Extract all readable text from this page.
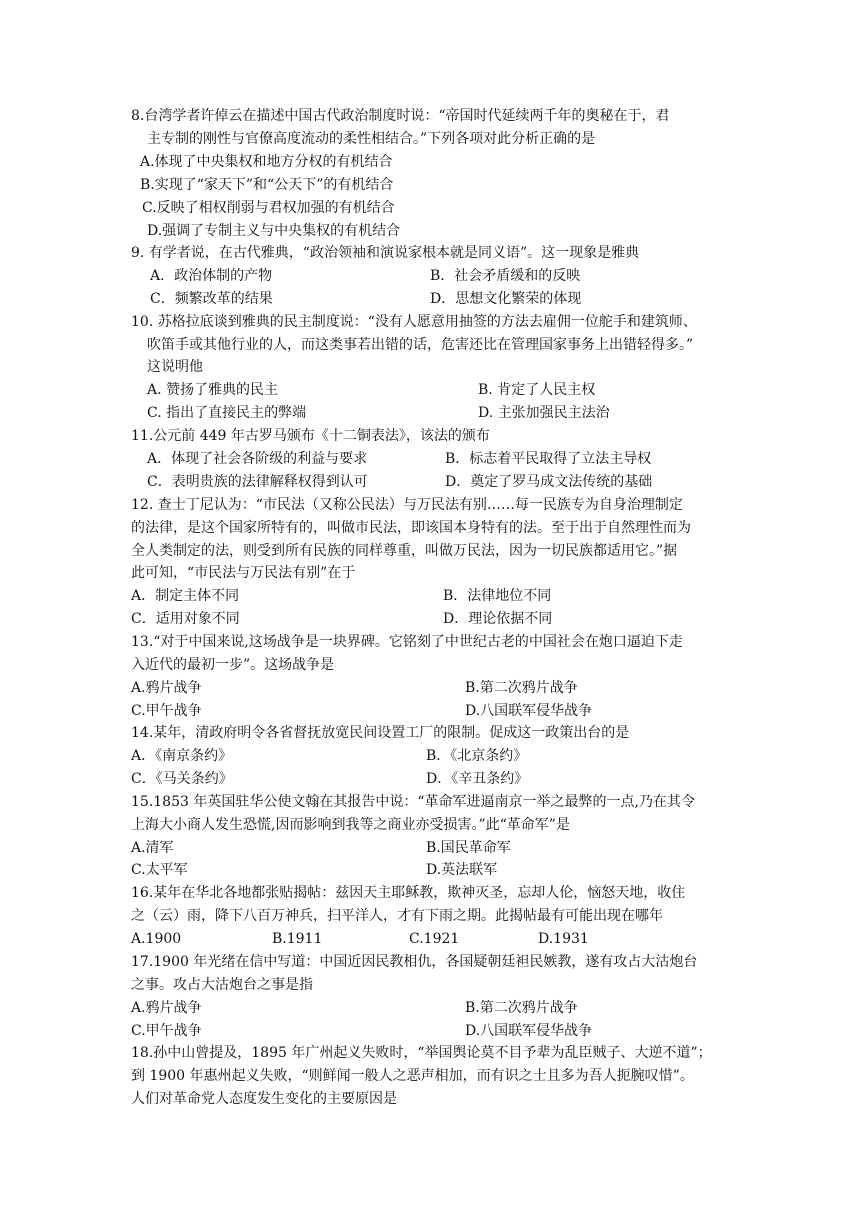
8.台湾学者许倬云在描述中国古代政治制度时说：“帝国时代延续两千年的奥秘在于，君
主专制的刚性与官僚高度流动的柔性相结合。”下列各项对此分析正确的是
A.体现了中央集权和地方分权的有机结合
B.实现了“家天下”和“公天下”的有机结合
C.反映了相权削弱与君权加强的有机结合
D.强调了专制主义与中央集权的有机结合
9. 有学者说，在古代雅典，“政治领袖和演说家根本就是同义语”。这一现象是雅典
A．政治体制的产物	B．社会矛盾缓和的反映
C．频繁改革的结果	D．思想文化繁荣的体现
10. 苏格拉底谈到雅典的民主制度说：“没有人愿意用抽签的方法去雇佣一位舵手和建筑师、
吹笛手或其他行业的人，而这类事若出错的话，危害还比在管理国家事务上出错轻得多。”
这说明他
A. 赞扬了雅典的民主	B. 肯定了人民主权
C. 指出了直接民主的弊端	D. 主张加强民主法治
11.公元前 449 年古罗马颁布《十二铜表法》，该法的颁布
A．体现了社会各阶级的利益与要求	B．标志着平民取得了立法主导权
C．表明贵族的法律解释权得到认可	D．奠定了罗马成文法传统的基础
12. 查士丁尼认为：“市民法（又称公民法）与万民法有别……每一民族专为自身治理制定
的法律，是这个国家所特有的，叫做市民法，即该国本身特有的法。至于出于自然理性而为
全人类制定的法，则受到所有民族的同样尊重，叫做万民法，因为一切民族都适用它。”据
此可知，“市民法与万民法有别”在于
A．制定主体不同	B．法律地位不同
C．适用对象不同	D．理论依据不同
13.“对于中国来说,这场战争是一块界碑。它铭刻了中世纪古老的中国社会在炮口逼迫下走
入近代的最初一步”。这场战争是
A.鸦片战争	B.第二次鸦片战争
C.甲午战争	D.八国联军侵华战争
14.某年，清政府明令各省督抚放宽民间设置工厂的限制。促成这一政策出台的是
A．《南京条约》	B．《北京条约》
C．《马关条约》	D．《辛丑条约》
15.1853 年英国驻华公使文翰在其报告中说：“革命军进逼南京一举之最弊的一点,乃在其令
上海大小商人发生恐慌,因而影响到我等之商业亦受损害。”此“革命军”是
A.清军	B.国民革命军
C.太平军	D.英法联军
16.某年在华北各地都张贴揭帖：兹因天主耶稣教，欺神灭圣，忘却人伦，恼怒天地，收住
之（云）雨，降下八百万神兵，扫平洋人，才有下雨之期。此揭帖最有可能出现在哪年
A.1900	B.1911	C.1921	D.1931
17.1900 年光绪在信中写道：中国近因民教相仇，各国疑朝廷袒民嫉教，遂有攻占大沽炮台
之事。攻占大沽炮台之事是指
A.鸦片战争	B.第二次鸦片战争
C.甲午战争	D.八国联军侵华战争
18.孙中山曾提及，1895 年广州起义失败时，“举国舆论莫不目予辈为乱臣贼子、大逆不道”；
到 1900 年惠州起义失败，“则鲜闻一般人之恶声相加，而有识之士且多为吾人扼腕叹惜”。
人们对革命党人态度发生变化的主要原因是
